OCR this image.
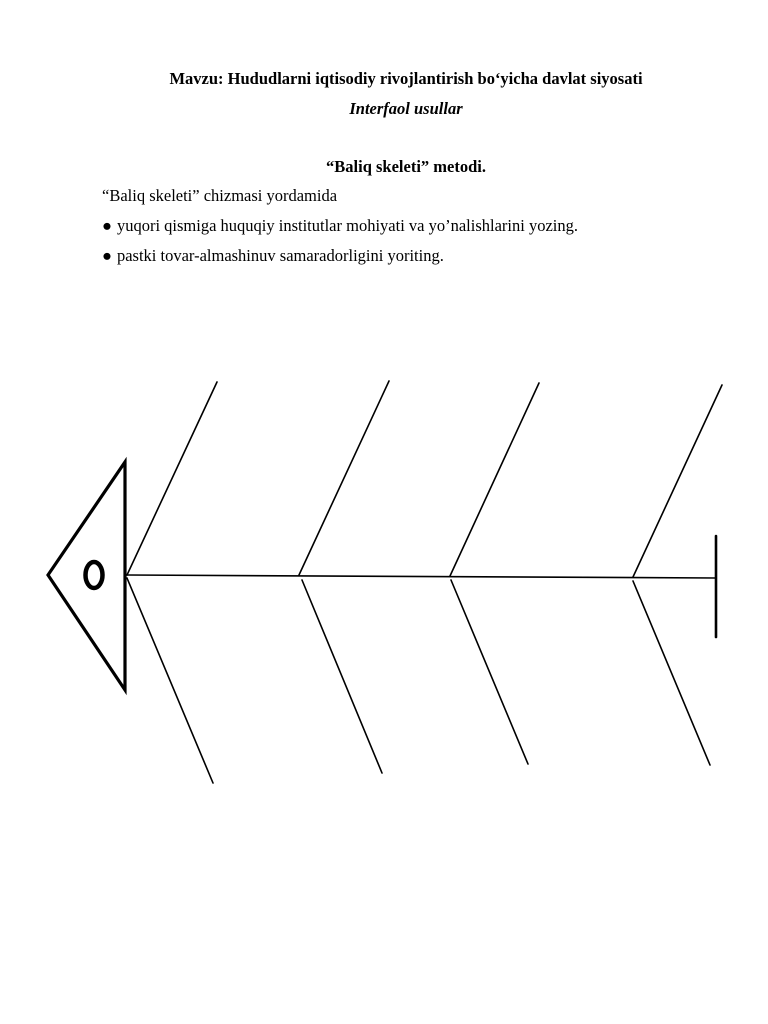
Mavzu: Hududlarni iqtisodiy rivojlantirish bo‘yicha davlat siyosati
Interfaol usullar
“Baliq skeleti” metodi.
“Baliq skeleti” chizmasi yordamida
● yuqori qismiga huquqiy institutlar mohiyati va yo’nalishlarini yozing.
● pastki tovar-almashinuv samaradorligini yoriting.
